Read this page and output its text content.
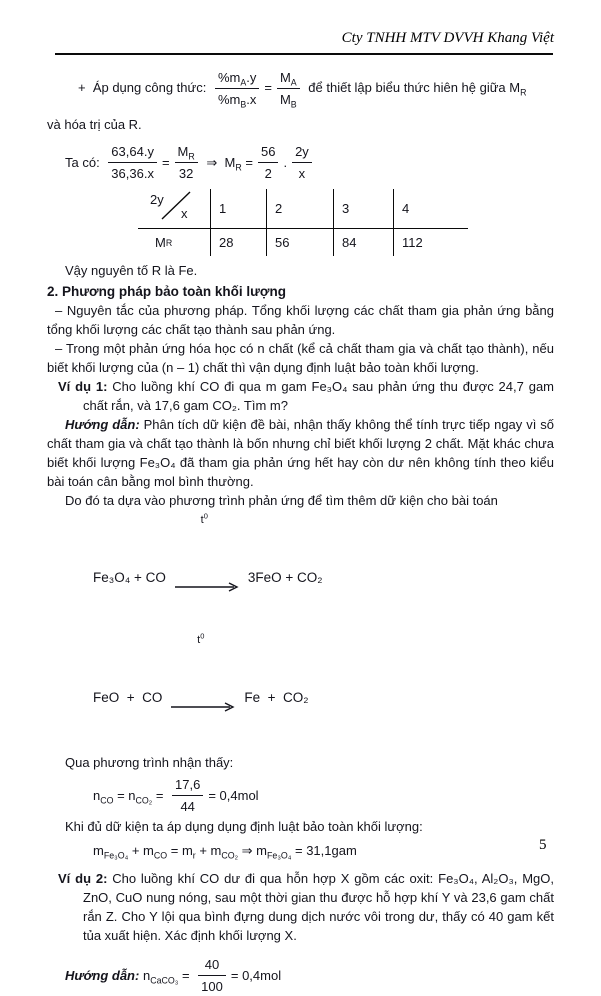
Cty TNHH MTV DVVH Khang Việt

+  Áp dụng công thức: $\frac{\%m_A.y}{\%m_B.x} = \frac{M_A}{M_B}$ để thiết lập biểu thức hiên hệ giữa $M_R$

và hóa trị của R.

Ta có: $\frac{63,64.y}{36,36.x} = \frac{M_R}{32}$ ⇒  $M_R = \frac{56}{2}$ . $\frac{2y}{x}$
2y
x	1	2	3	4
M R	28	56	84	112

Vậy nguyên tố R là Fe.

2. Phương pháp bảo toàn khối lượng

– Nguyên tắc của phương pháp. Tổng khối lượng các chất tham gia phản ứng bằng tổng khối lượng các chất tạo thành sau phản ứng.

– Trong một phản ứng hóa học có n chất (kể cả chất tham gia và chất tạo thành), nếu biết khối lượng của (n – 1) chất thì vận dụng định luật bảo toàn khối lượng.

Ví dụ 1: Cho luồng khí CO đi qua m gam Fe₃O₄ sau phản ứng thu được 24,7 gam chất rắn, và 17,6 gam CO₂. Tìm m?

Hướng dẫn: Phân tích dữ kiện đề bài, nhận thấy không thể tính trực tiếp ngay vì số chất tham gia và chất tạo thành là bốn nhưng chỉ biết khối lượng 2 chất. Mặt khác chưa biết khối lượng Fe₃O₄ đã tham gia phản ứng hết hay còn dư nên không tính theo kiểu bài toán cân bằng mol bình thường.

Do đó ta dựa vào phương trình phản ứng để tìm thêm dữ kiện cho bài toán

Fe₃O₄ + CO

$t^0$

3FeO + CO₂
FeO  +  CO

$t^0$

Fe  +  CO₂

Qua phương trình nhận thấy:

$n_{CO} = n_{CO_2} = \frac{17,6}{44} = 0,4mol$

Khi đủ dữ kiện ta áp dụng dụng định luật bảo toàn khối lượng:

$m_{Fe_3O_4} + m_{CO} = m_r + m_{CO_2}$ ⇒ $m_{Fe_3O_4} = 31,1gam$

Ví dụ 2: Cho luồng khí CO dư đi qua hỗn hợp X gồm các oxit: Fe₃O₄, Al₂O₃, MgO, ZnO, CuO nung nóng, sau một thời gian thu được hỗ hợp khí Y và 23,6 gam chất rắn Z. Cho Y lội qua bình đựng dung dịch nước vôi trong dư, thấy có 40 gam kết tủa xuất hiện. Xác định khối lượng X.

Hướng dẫn: $n_{CaCO_3} = \frac{40}{100} = 0,4mol$
5
